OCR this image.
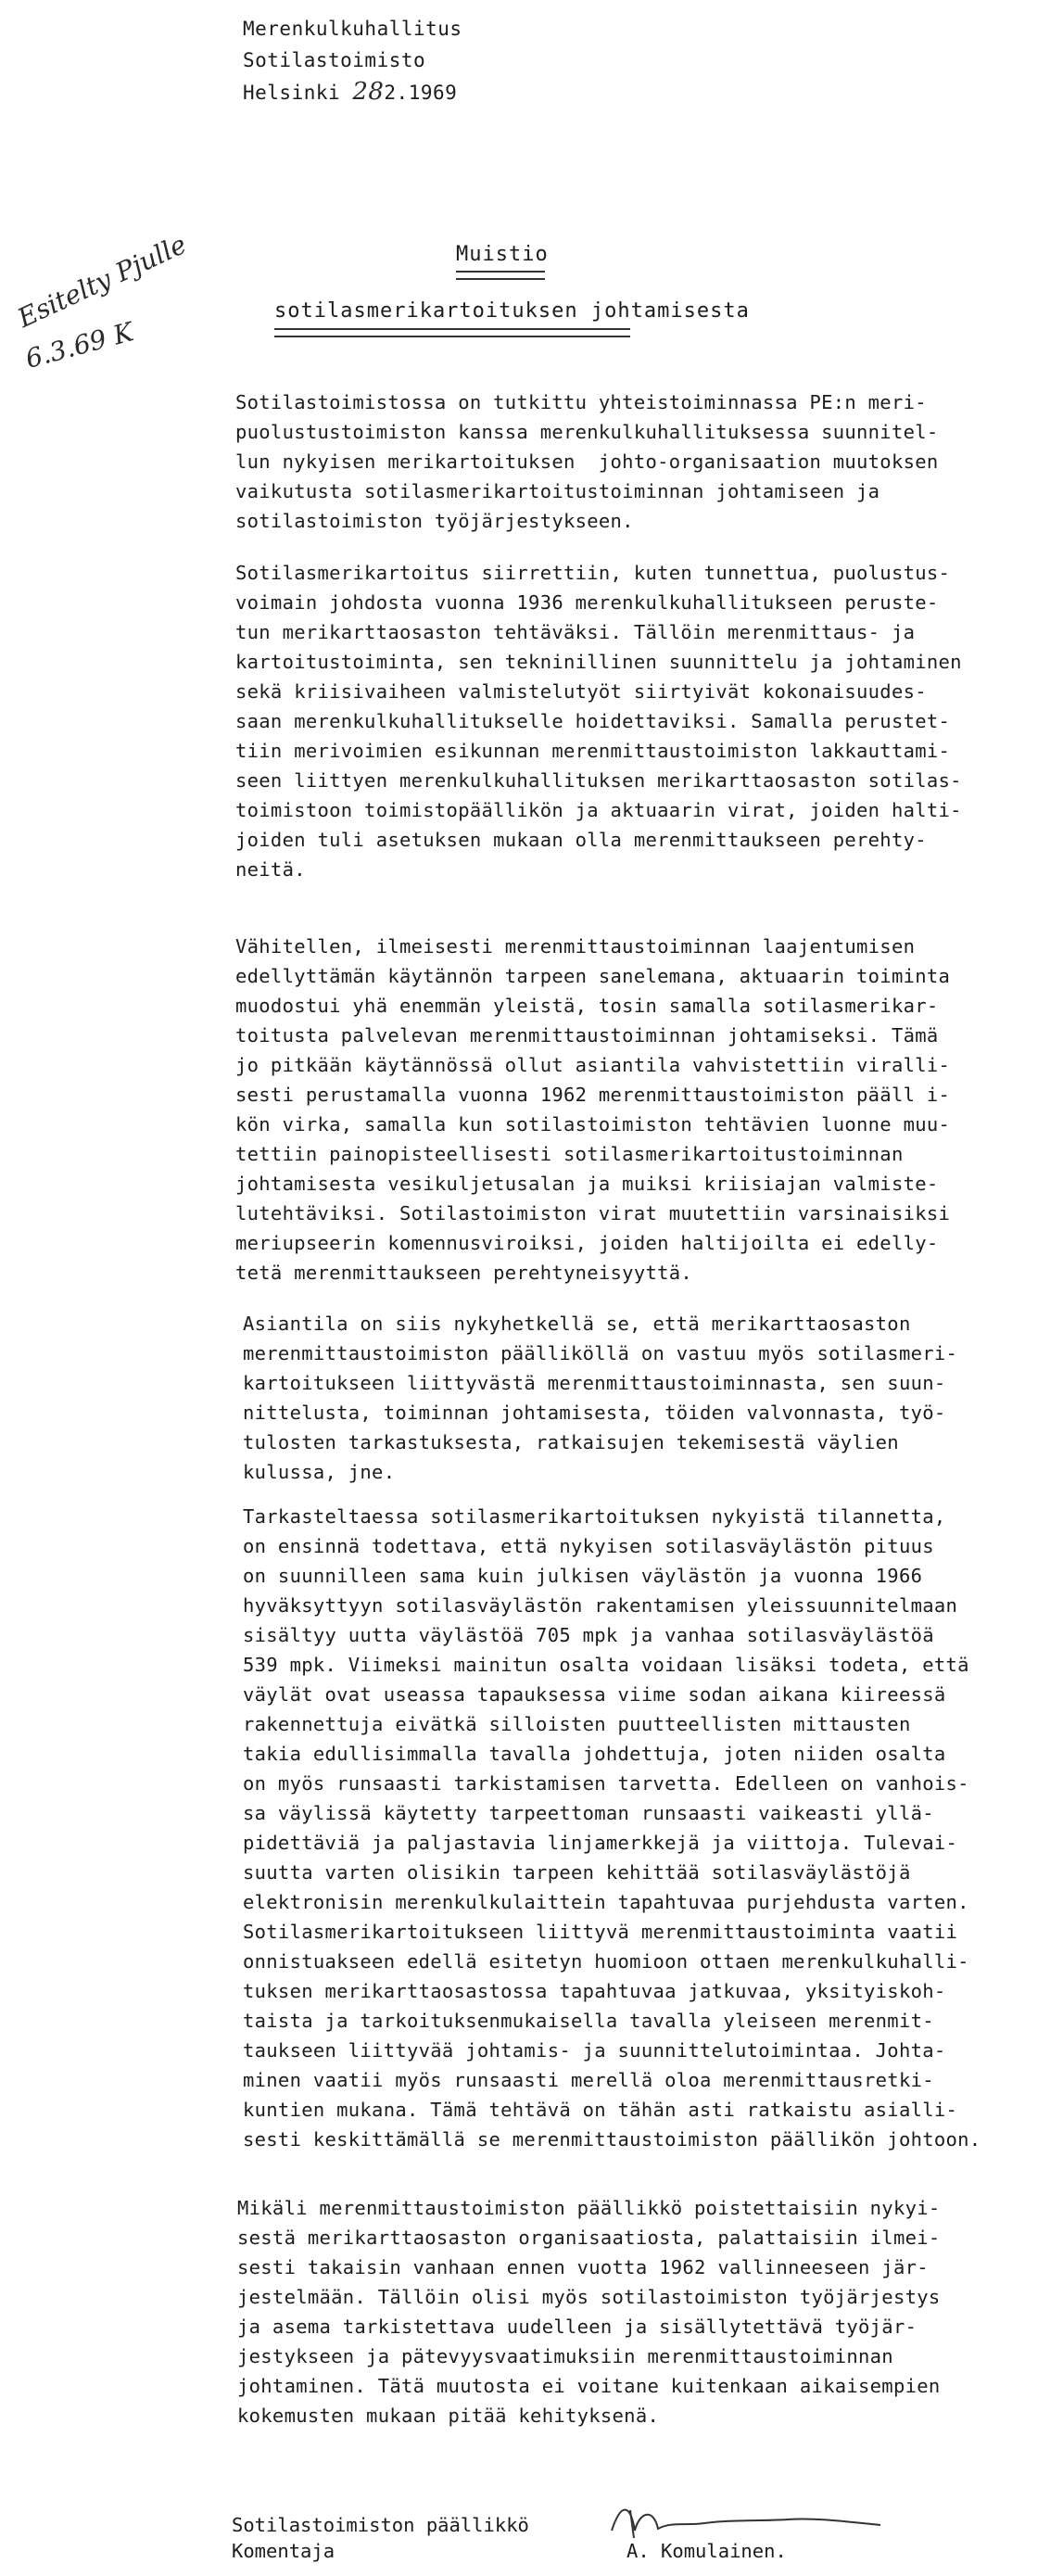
Merenkulkuhallitus
Sotilastoimisto
Helsinki 282.1969
Esitelty Pjulle
6.3.69 K
Muistio
sotilasmerikartoituksen johtamisesta
Sotilastoimistossa on tutkittu yhteistoiminnassa PE:n meri-
puolustustoimiston kanssa merenkulkuhallituksessa suunnitel-
lun nykyisen merikartoituksen  johto-organisaation muutoksen
vaikutusta sotilasmerikartoitustoiminnan johtamiseen ja
sotilastoimiston työjärjestykseen.
Sotilasmerikartoitus siirrettiin, kuten tunnettua, puolustus-
voimain johdosta vuonna 1936 merenkulkuhallitukseen peruste-
tun merikarttaosaston tehtäväksi. Tällöin merenmittaus- ja
kartoitustoiminta, sen tekninillinen suunnittelu ja johtaminen
sekä kriisivaiheen valmistelutyöt siirtyivät kokonaisuudes-
saan merenkulkuhallitukselle hoidettaviksi. Samalla perustet-
tiin merivoimien esikunnan merenmittaustoimiston lakkauttami-
seen liittyen merenkulkuhallituksen merikarttaosaston sotilas-
toimistoon toimistopäällikön ja aktuaarin virat, joiden halti-
joiden tuli asetuksen mukaan olla merenmittaukseen perehty-
neitä.
Vähitellen, ilmeisesti merenmittaustoiminnan laajentumisen
edellyttämän käytännön tarpeen sanelemana, aktuaarin toiminta
muodostui yhä enemmän yleistä, tosin samalla sotilasmerikar-
toitusta palvelevan merenmittaustoiminnan johtamiseksi. Tämä
jo pitkään käytännössä ollut asiantila vahvistettiin viralli-
sesti perustamalla vuonna 1962 merenmittaustoimiston pääll i-
kön virka, samalla kun sotilastoimiston tehtävien luonne muu-
tettiin painopisteellisesti sotilasmerikartoitustoiminnan
johtamisesta vesikuljetusalan ja muiksi kriisiajan valmiste-
lutehtäviksi. Sotilastoimiston virat muutettiin varsinaisiksi
meriupseerin komennusviroiksi, joiden haltijoilta ei edelly-
tetä merenmittaukseen perehtyneisyyttä.
Asiantila on siis nykyhetkellä se, että merikarttaosaston
merenmittaustoimiston päälliköllä on vastuu myös sotilasmeri-
kartoitukseen liittyvästä merenmittaustoiminnasta, sen suun-
nittelusta, toiminnan johtamisesta, töiden valvonnasta, työ-
tulosten tarkastuksesta, ratkaisujen tekemisestä väylien
kulussa, jne.
Tarkasteltaessa sotilasmerikartoituksen nykyistä tilannetta,
on ensinnä todettava, että nykyisen sotilasväylästön pituus
on suunnilleen sama kuin julkisen väylästön ja vuonna 1966
hyväksyttyyn sotilasväylästön rakentamisen yleissuunnitelmaan
sisältyy uutta väylästöä 705 mpk ja vanhaa sotilasväylästöä
539 mpk. Viimeksi mainitun osalta voidaan lisäksi todeta, että
väylät ovat useassa tapauksessa viime sodan aikana kiireessä
rakennettuja eivätkä silloisten puutteellisten mittausten
takia edullisimmalla tavalla johdettuja, joten niiden osalta
on myös runsaasti tarkistamisen tarvetta. Edelleen on vanhois-
sa väylissä käytetty tarpeettoman runsaasti vaikeasti yllä-
pidettäviä ja paljastavia linjamerkkejä ja viittoja. Tulevai-
suutta varten olisikin tarpeen kehittää sotilasväylästöjä
elektronisin merenkulkulaittein tapahtuvaa purjehdusta varten.
Sotilasmerikartoitukseen liittyvä merenmittaustoiminta vaatii
onnistuakseen edellä esitetyn huomioon ottaen merenkulkuhalli-
tuksen merikarttaosastossa tapahtuvaa jatkuvaa, yksityiskoh-
taista ja tarkoituksenmukaisella tavalla yleiseen merenmit-
taukseen liittyvää johtamis- ja suunnittelutoimintaa. Johta-
minen vaatii myös runsaasti merellä oloa merenmittausretki-
kuntien mukana. Tämä tehtävä on tähän asti ratkaistu asialli-
sesti keskittämällä se merenmittaustoimiston päällikön johtoon.
Mikäli merenmittaustoimiston päällikkö poistettaisiin nykyi-
sestä merikarttaosaston organisaatiosta, palattaisiin ilmei-
sesti takaisin vanhaan ennen vuotta 1962 vallinneeseen jär-
jestelmään. Tällöin olisi myös sotilastoimiston työjärjestys
ja asema tarkistettava uudelleen ja sisällytettävä työjär-
jestykseen ja pätevyysvaatimuksiin merenmittaustoiminnan
johtaminen. Tätä muutosta ei voitane kuitenkaan aikaisempien
kokemusten mukaan pitää kehityksenä.
Sotilastoimiston päällikkö
Komentaja	A. Komulainen.
